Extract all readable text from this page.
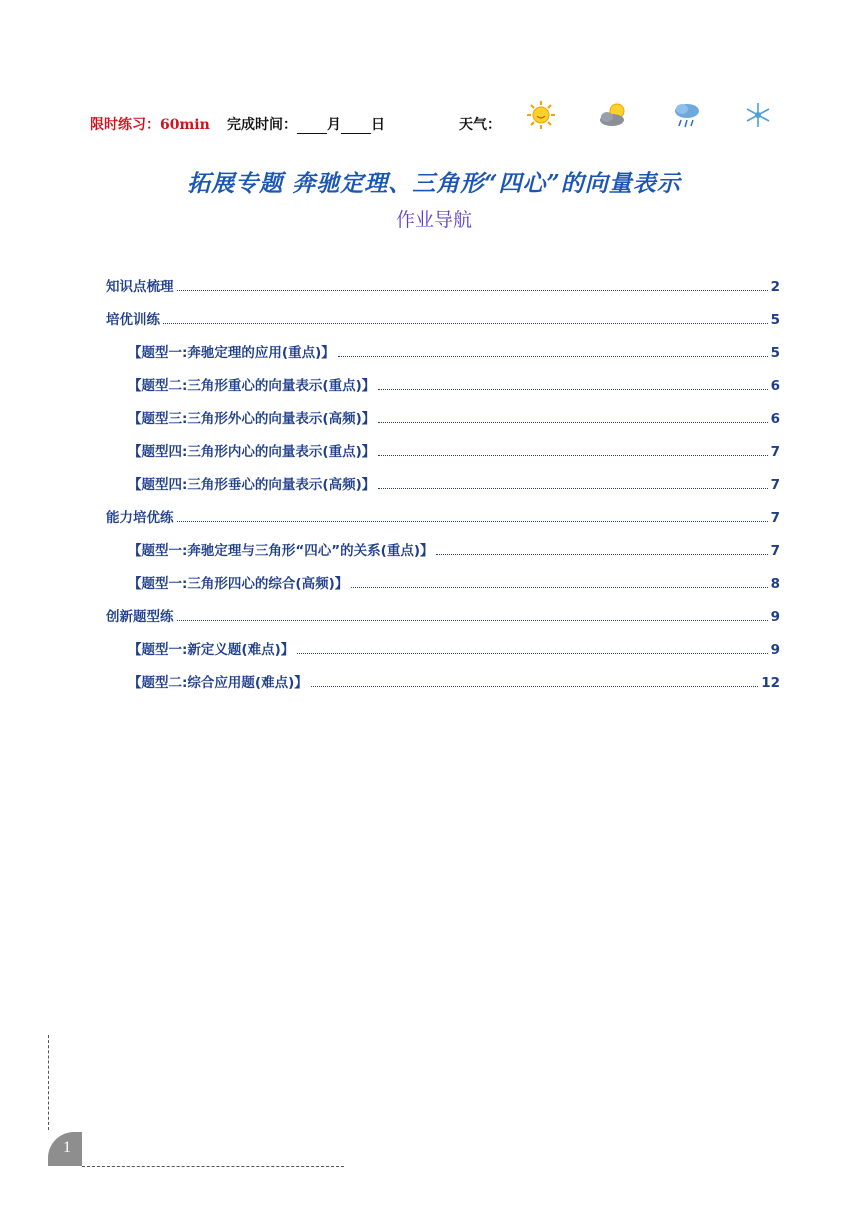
限时练习：60min 完成时间： 月 日	天气：
拓展专题 奔驰定理、三角形“四心”的向量表示
作业导航
知识点梳理	2
培优训练	5
【题型一:奔驰定理的应用(重点)】	5
【题型二:三角形重心的向量表示(重点)】	6
【题型三:三角形外心的向量表示(高频)】	6
【题型四:三角形内心的向量表示(重点)】	7
【题型四:三角形垂心的向量表示(高频)】	7
能力培优练	7
【题型一:奔驰定理与三角形“四心”的关系(重点)】	7
【题型一:三角形四心的综合(高频)】	8
创新题型练	9
【题型一:新定义题(难点)】	9
【题型二:综合应用题(难点)】	12
1
